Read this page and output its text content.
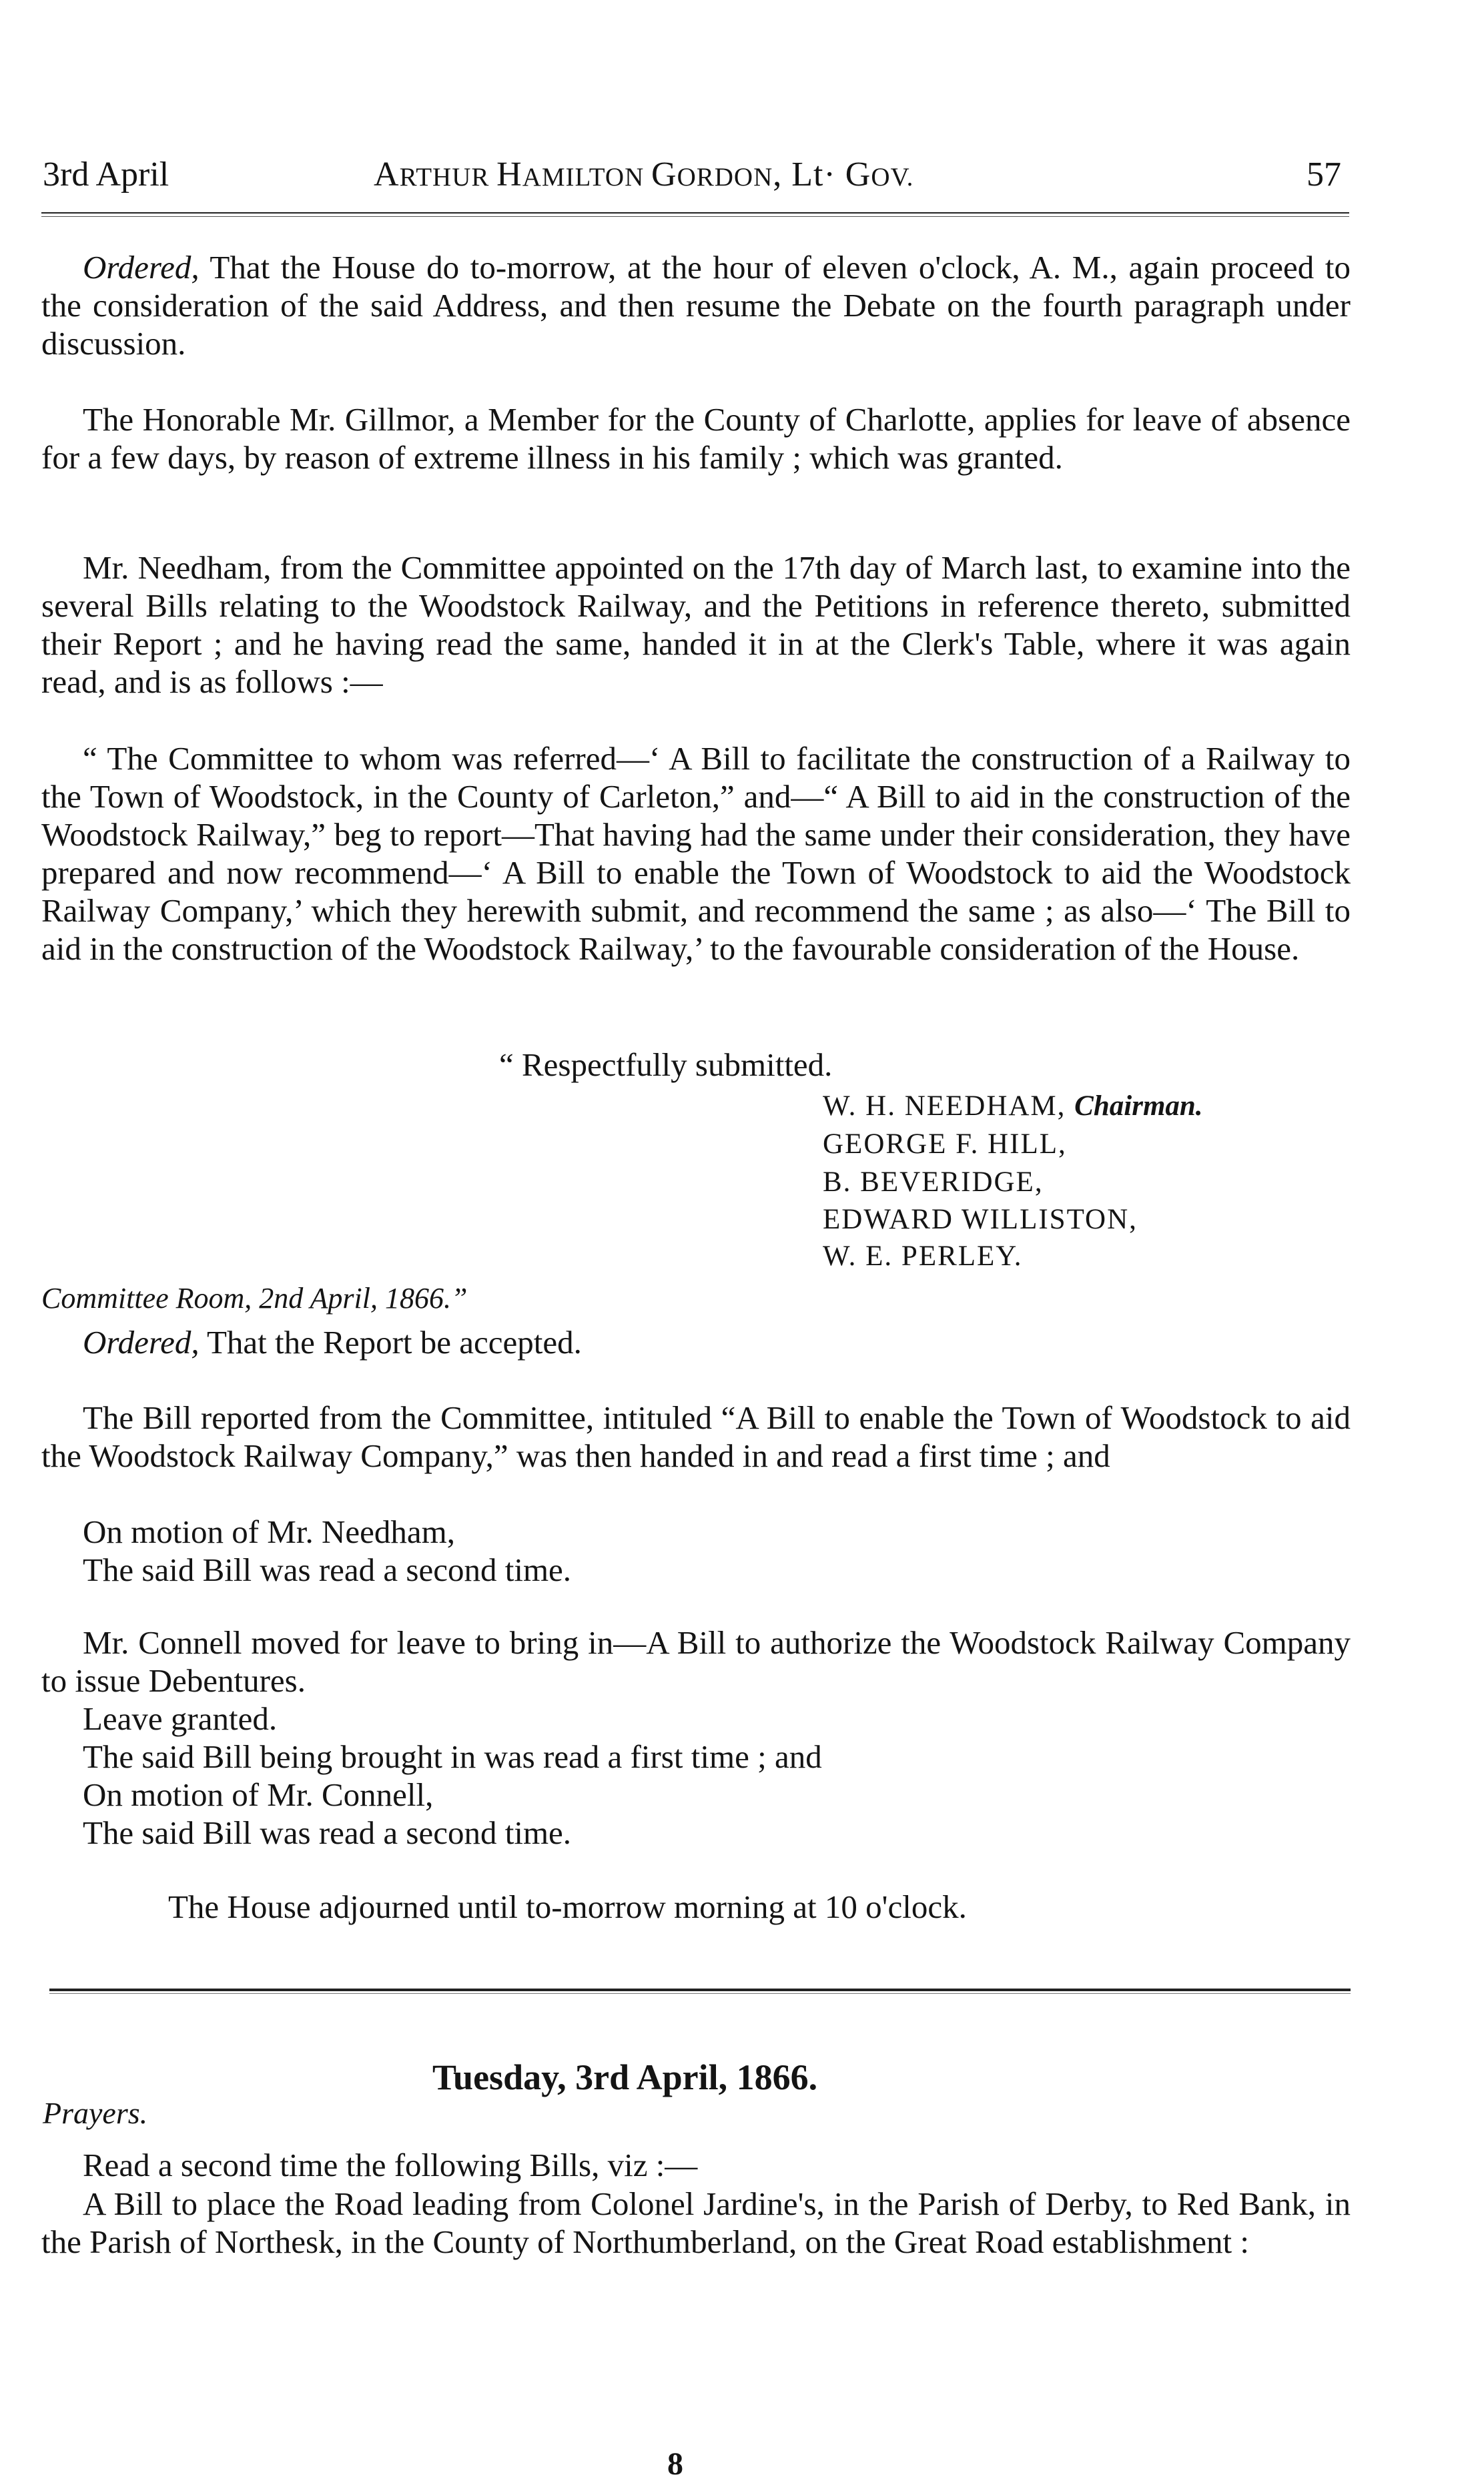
3rd April	ARTHUR HAMILTON GORDON, Lt· GOV.	57

Ordered, That the House do to-morrow, at the hour of eleven o'clock, A. M., again proceed to the consideration of the said Address, and then resume the Debate on the fourth paragraph under discussion.

The Honorable Mr. Gillmor, a Member for the County of Charlotte, applies for leave of absence for a few days, by reason of extreme illness in his family ; which was granted.

Mr. Needham, from the Committee appointed on the 17th day of March last, to examine into the several Bills relating to the Woodstock Railway, and the Petitions in reference thereto, submitted their Report ; and he having read the same, handed it in at the Clerk's Table, where it was again read, and is as follows :—

“ The Committee to whom was referred—‘ A Bill to facilitate the construction of a Railway to the Town of Woodstock, in the County of Carleton,” and—“ A Bill to aid in the construction of the Woodstock Railway,” beg to report—That having had the same under their consideration, they have prepared and now recommend—‘ A Bill to enable the Town of Woodstock to aid the Woodstock Railway Company,’ which they herewith submit, and recommend the same ; as also—‘ The Bill to aid in the construction of the Woodstock Railway,’ to the favourable consideration of the House.

“ Respectfully submitted.
W. H. NEEDHAM, Chairman.
GEORGE F. HILL,
B. BEVERIDGE,
EDWARD WILLISTON,
W. E. PERLEY.
Committee Room, 2nd April, 1866.”
Ordered, That the Report be accepted.

The Bill reported from the Committee, intituled “A Bill to enable the Town of Woodstock to aid the Woodstock Railway Company,” was then handed in and read a first time ; and

On motion of Mr. Needham,
The said Bill was read a second time.

Mr. Connell moved for leave to bring in—A Bill to authorize the Woodstock Railway Company to issue Debentures.

Leave granted.
The said Bill being brought in was read a first time ; and
On motion of Mr. Connell,
The said Bill was read a second time.
The House adjourned until to-morrow morning at 10 o'clock.
Tuesday, 3rd April, 1866.
Prayers.
Read a second time the following Bills, viz :—

A Bill to place the Road leading from Colonel Jardine's, in the Parish of Derby, to Red Bank, in the Parish of Northesk, in the County of Northumberland, on the Great Road establishment :

8
